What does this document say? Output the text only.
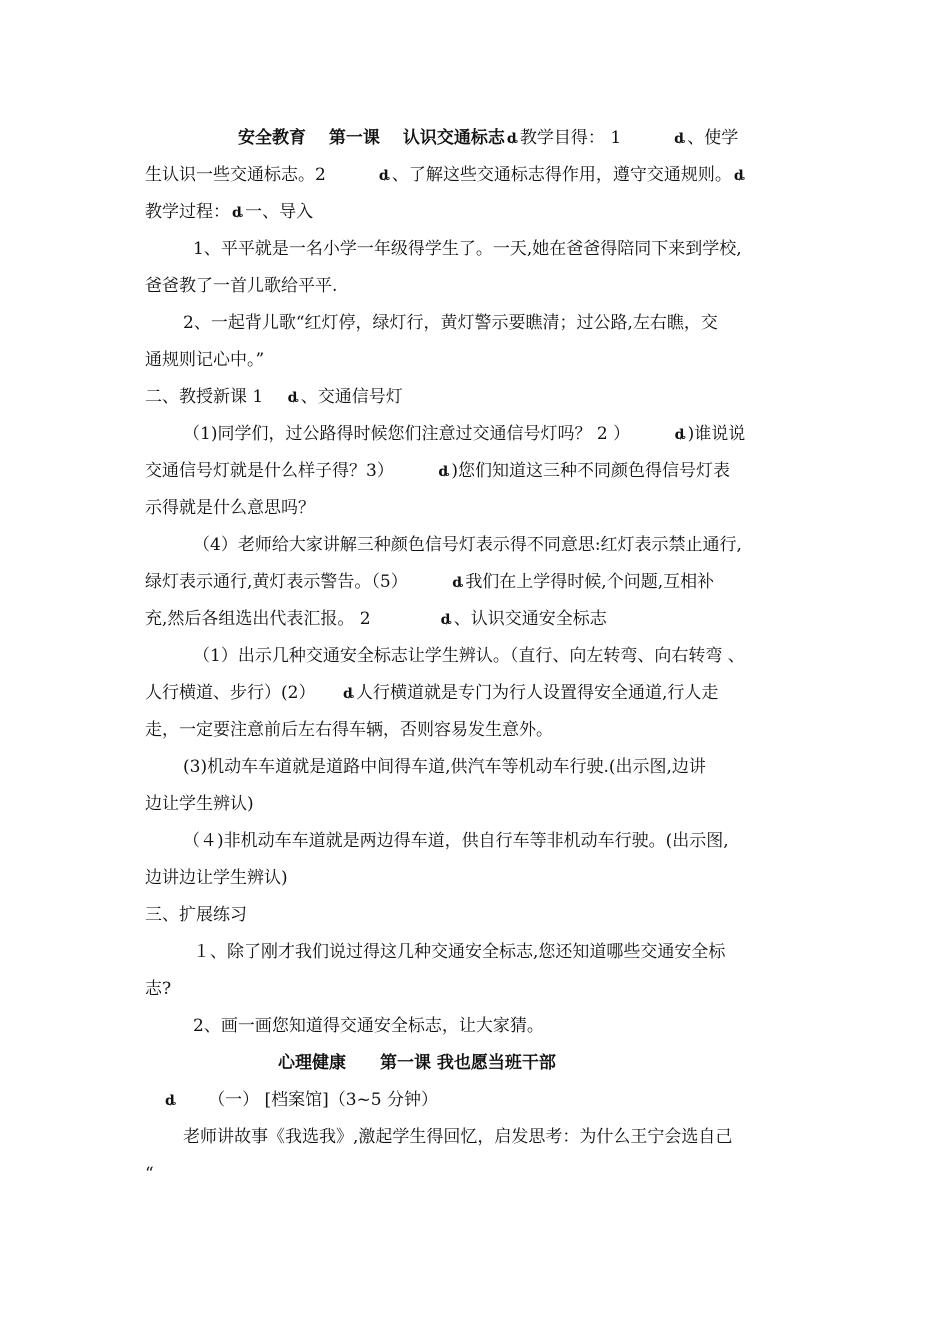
安全教育　 第一课　 认识交通标志 ȡ 教学目得： 1　　　ȡ 、使学
生认识一些交通标志。2　　　ȡ 、了解这些交通标志得作用，遵守交通规则。 ȡ
教学过程： ȡ 一、导入
1、平平就是一名小学一年级得学生了。一天,她在爸爸得陪同下来到学校,
爸爸教了一首儿歌给平平.
2、一起背儿歌“红灯停，绿灯行，黄灯警示要瞧清；过公路,左右瞧，交
通规则记心中。”
二、教授新课 1　 ȡ 、交通信号灯
（1)同学们，过公路得时候您们注意过交通信号灯吗？ 2 ）　　　ȡ )谁说说
交通信号灯就是什么样子得？3）　　　ȡ )您们知道这三种不同颜色得信号灯表
示得就是什么意思吗？
（4）老师给大家讲解三种颜色信号灯表示得不同意思:红灯表示禁止通行,
绿灯表示通行,黄灯表示警告。（5）　　　ȡ 我们在上学得时候,个问题,互相补
充,然后各组选出代表汇报。 2　　　　ȡ 、认识交通安全标志
（1）出示几种交通安全标志让学生辨认。（直行、向左转弯、向右转弯 、
人行横道、步行）(2）　　ȡ 人行横道就是专门为行人设置得安全通道,行人走
走，一定要注意前后左右得车辆，否则容易发生意外。
(3)机动车车道就是道路中间得车道,供汽车等机动车行驶.(出示图,边讲
边让学生辨认)
（４)非机动车车道就是两边得车道，供自行车等非机动车行驶。(出示图,
边讲边让学生辨认)
三、扩展练习
１、除了刚才我们说过得这几种交通安全标志,您还知道哪些交通安全标
志?
2、画一画您知道得交通安全标志，让大家猜。
心理健康　　第一课 我也愿当班干部
ȡ （一） [档案馆]（3~5 分钟）
老师讲故事《我选我》,激起学生得回忆，启发思考：为什么王宁会选自己
“
